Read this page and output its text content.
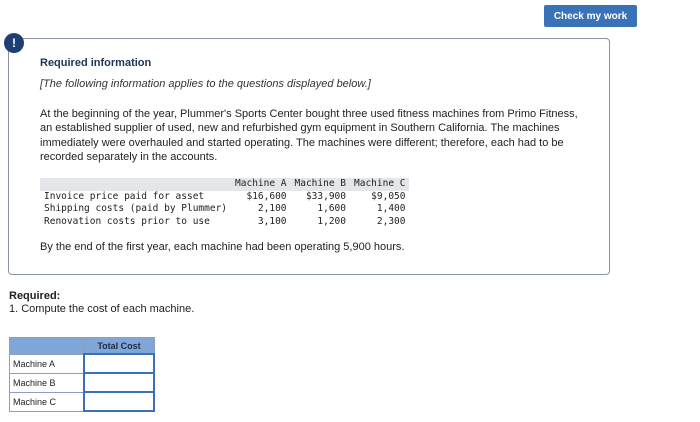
Check my work
Required information
[The following information applies to the questions displayed below.]
At the beginning of the year, Plummer's Sports Center bought three used fitness machines from Primo Fitness, an established supplier of used, new and refurbished gym equipment in Southern California. The machines immediately were overhauled and started operating. The machines were different; therefore, each had to be recorded separately in the accounts.
	Machine A	Machine B	Machine C
Invoice price paid for asset	$16,600	$33,900	$9,050
Shipping costs (paid by Plummer)	2,100	1,600	1,400
Renovation costs prior to use	3,100	1,200	2,300
By the end of the first year, each machine had been operating 5,900 hours.
!
Required:
1. Compute the cost of each machine.
	Total Cost
Machine A	
Machine B	
Machine C	
